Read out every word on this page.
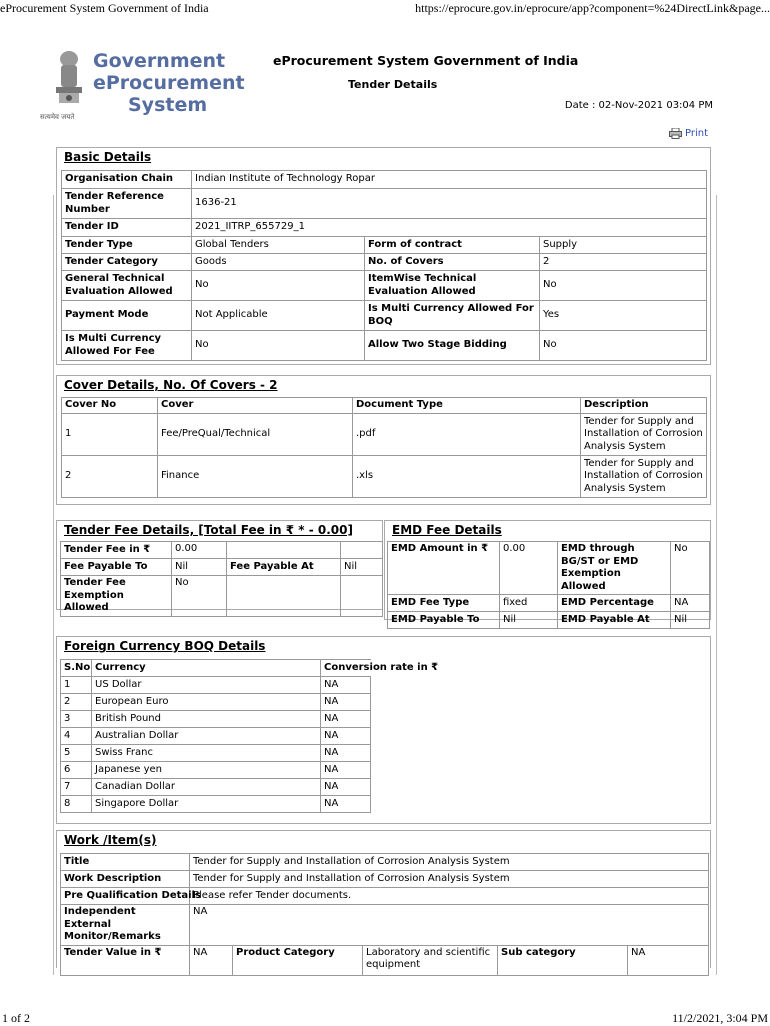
eProcurement System Government of India	https://eprocure.gov.in/eprocure/app?component=%24DirectLink&page...
Government
eProcurement
System
सत्यमेव जयते
eProcurement System Government of India
Tender Details
Date : 02-Nov-2021 03:04 PM
Print
Basic Details
Organisation Chain	Indian Institute of Technology Ropar		
Tender Reference Number	1636-21		
Tender ID	2021_IITRP_655729_1		
Tender Type	Global Tenders	Form of contract	Supply
Tender Category	Goods	No. of Covers	2
General Technical Evaluation Allowed	No	ItemWise Technical Evaluation Allowed	No
Payment Mode	Not Applicable	Is Multi Currency Allowed For BOQ	Yes
Is Multi Currency Allowed For Fee	No	Allow Two Stage Bidding	No
Cover Details, No. Of Covers - 2
Cover No	Cover	Document Type	Description
1	Fee/PreQual/Technical	.pdf	Tender for Supply and Installation of Corrosion Analysis System
2	Finance	.xls	Tender for Supply and Installation of Corrosion Analysis System
Tender Fee Details, [Total Fee in ₹ * - 0.00]
Tender Fee in ₹	0.00		
Fee Payable To	Nil	Fee Payable At	Nil
Tender Fee Exemption Allowed	No		
EMD Fee Details
EMD Amount in ₹	0.00	EMD through BG/ST or EMD Exemption Allowed	No
EMD Fee Type	fixed	EMD Percentage	NA
EMD Payable To	Nil	EMD Payable At	Nil
Foreign Currency BOQ Details
S.No	Currency	Conversion rate in ₹
1	US Dollar	NA
2	European Euro	NA
3	British Pound	NA
4	Australian Dollar	NA
5	Swiss Franc	NA
6	Japanese yen	NA
7	Canadian Dollar	NA
8	Singapore Dollar	NA
Work /Item(s)
Title	Tender for Supply and Installation of Corrosion Analysis System				
Work Description	Tender for Supply and Installation of Corrosion Analysis System				
Pre Qualification Details	Please refer Tender documents.				
Independent External Monitor/Remarks	NA				
Tender Value in ₹	NA	Product Category	Laboratory and scientific equipment	Sub category	NA
1 of 2	11/2/2021, 3:04 PM
